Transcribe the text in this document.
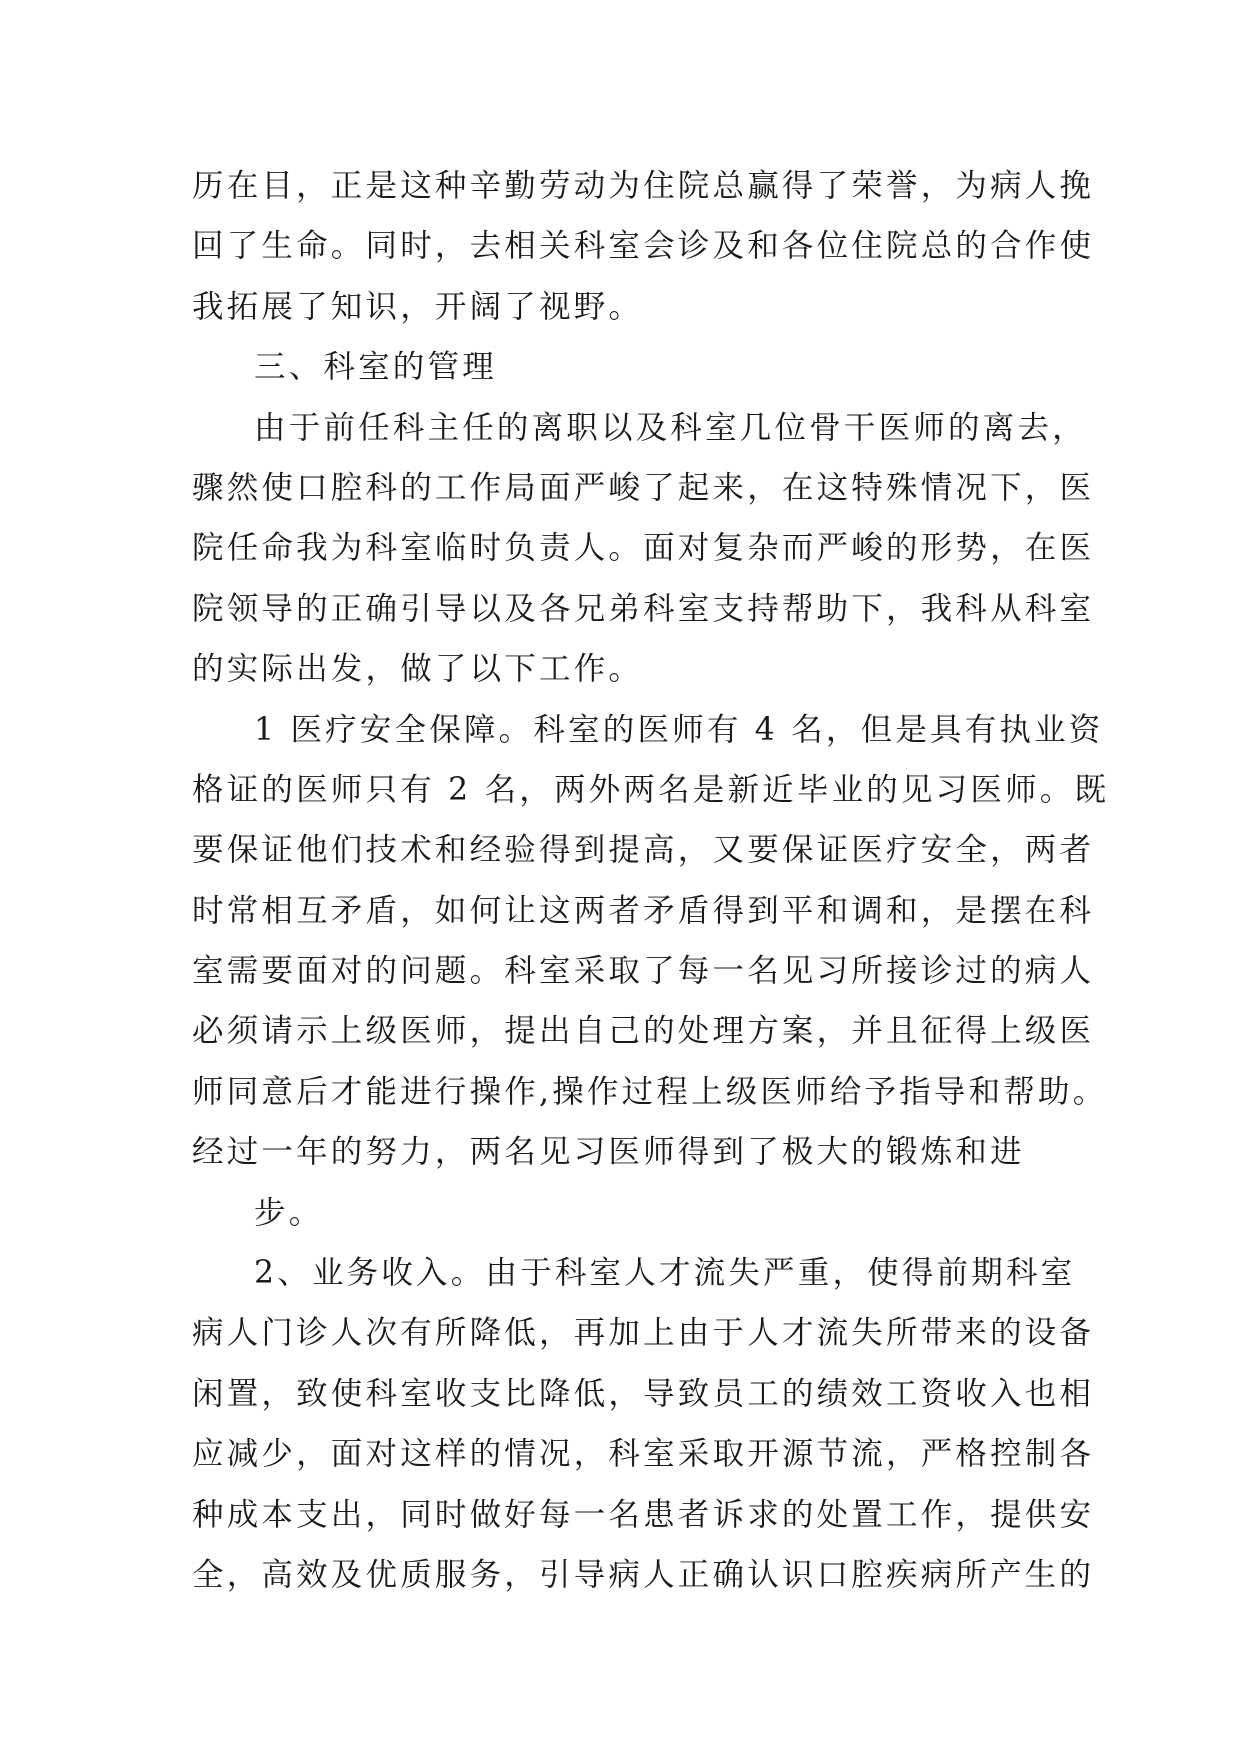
历在目，正是这种辛勤劳动为住院总赢得了荣誉，为病人挽
回了生命。同时，去相关科室会诊及和各位住院总的合作使
我拓展了知识，开阔了视野。
三、科室的管理
由于前任科主任的离职以及科室几位骨干医师的离去，
骤然使口腔科的工作局面严峻了起来，在这特殊情况下，医
院任命我为科室临时负责人。面对复杂而严峻的形势，在医
院领导的正确引导以及各兄弟科室支持帮助下，我科从科室
的实际出发，做了以下工作。
1 医疗安全保障。科室的医师有 4 名，但是具有执业资
格证的医师只有 2 名，两外两名是新近毕业的见习医师。既
要保证他们技术和经验得到提高，又要保证医疗安全，两者
时常相互矛盾，如何让这两者矛盾得到平和调和，是摆在科
室需要面对的问题。科室采取了每一名见习所接诊过的病人
必须请示上级医师，提出自己的处理方案，并且征得上级医
师同意后才能进行操作,操作过程上级医师给予指导和帮助。
经过一年的努力，两名见习医师得到了极大的锻炼和进
步。
2、业务收入。由于科室人才流失严重，使得前期科室
病人门诊人次有所降低，再加上由于人才流失所带来的设备
闲置，致使科室收支比降低，导致员工的绩效工资收入也相
应减少，面对这样的情况，科室采取开源节流，严格控制各
种成本支出，同时做好每一名患者诉求的处置工作，提供安
全，高效及优质服务，引导病人正确认识口腔疾病所产生的
